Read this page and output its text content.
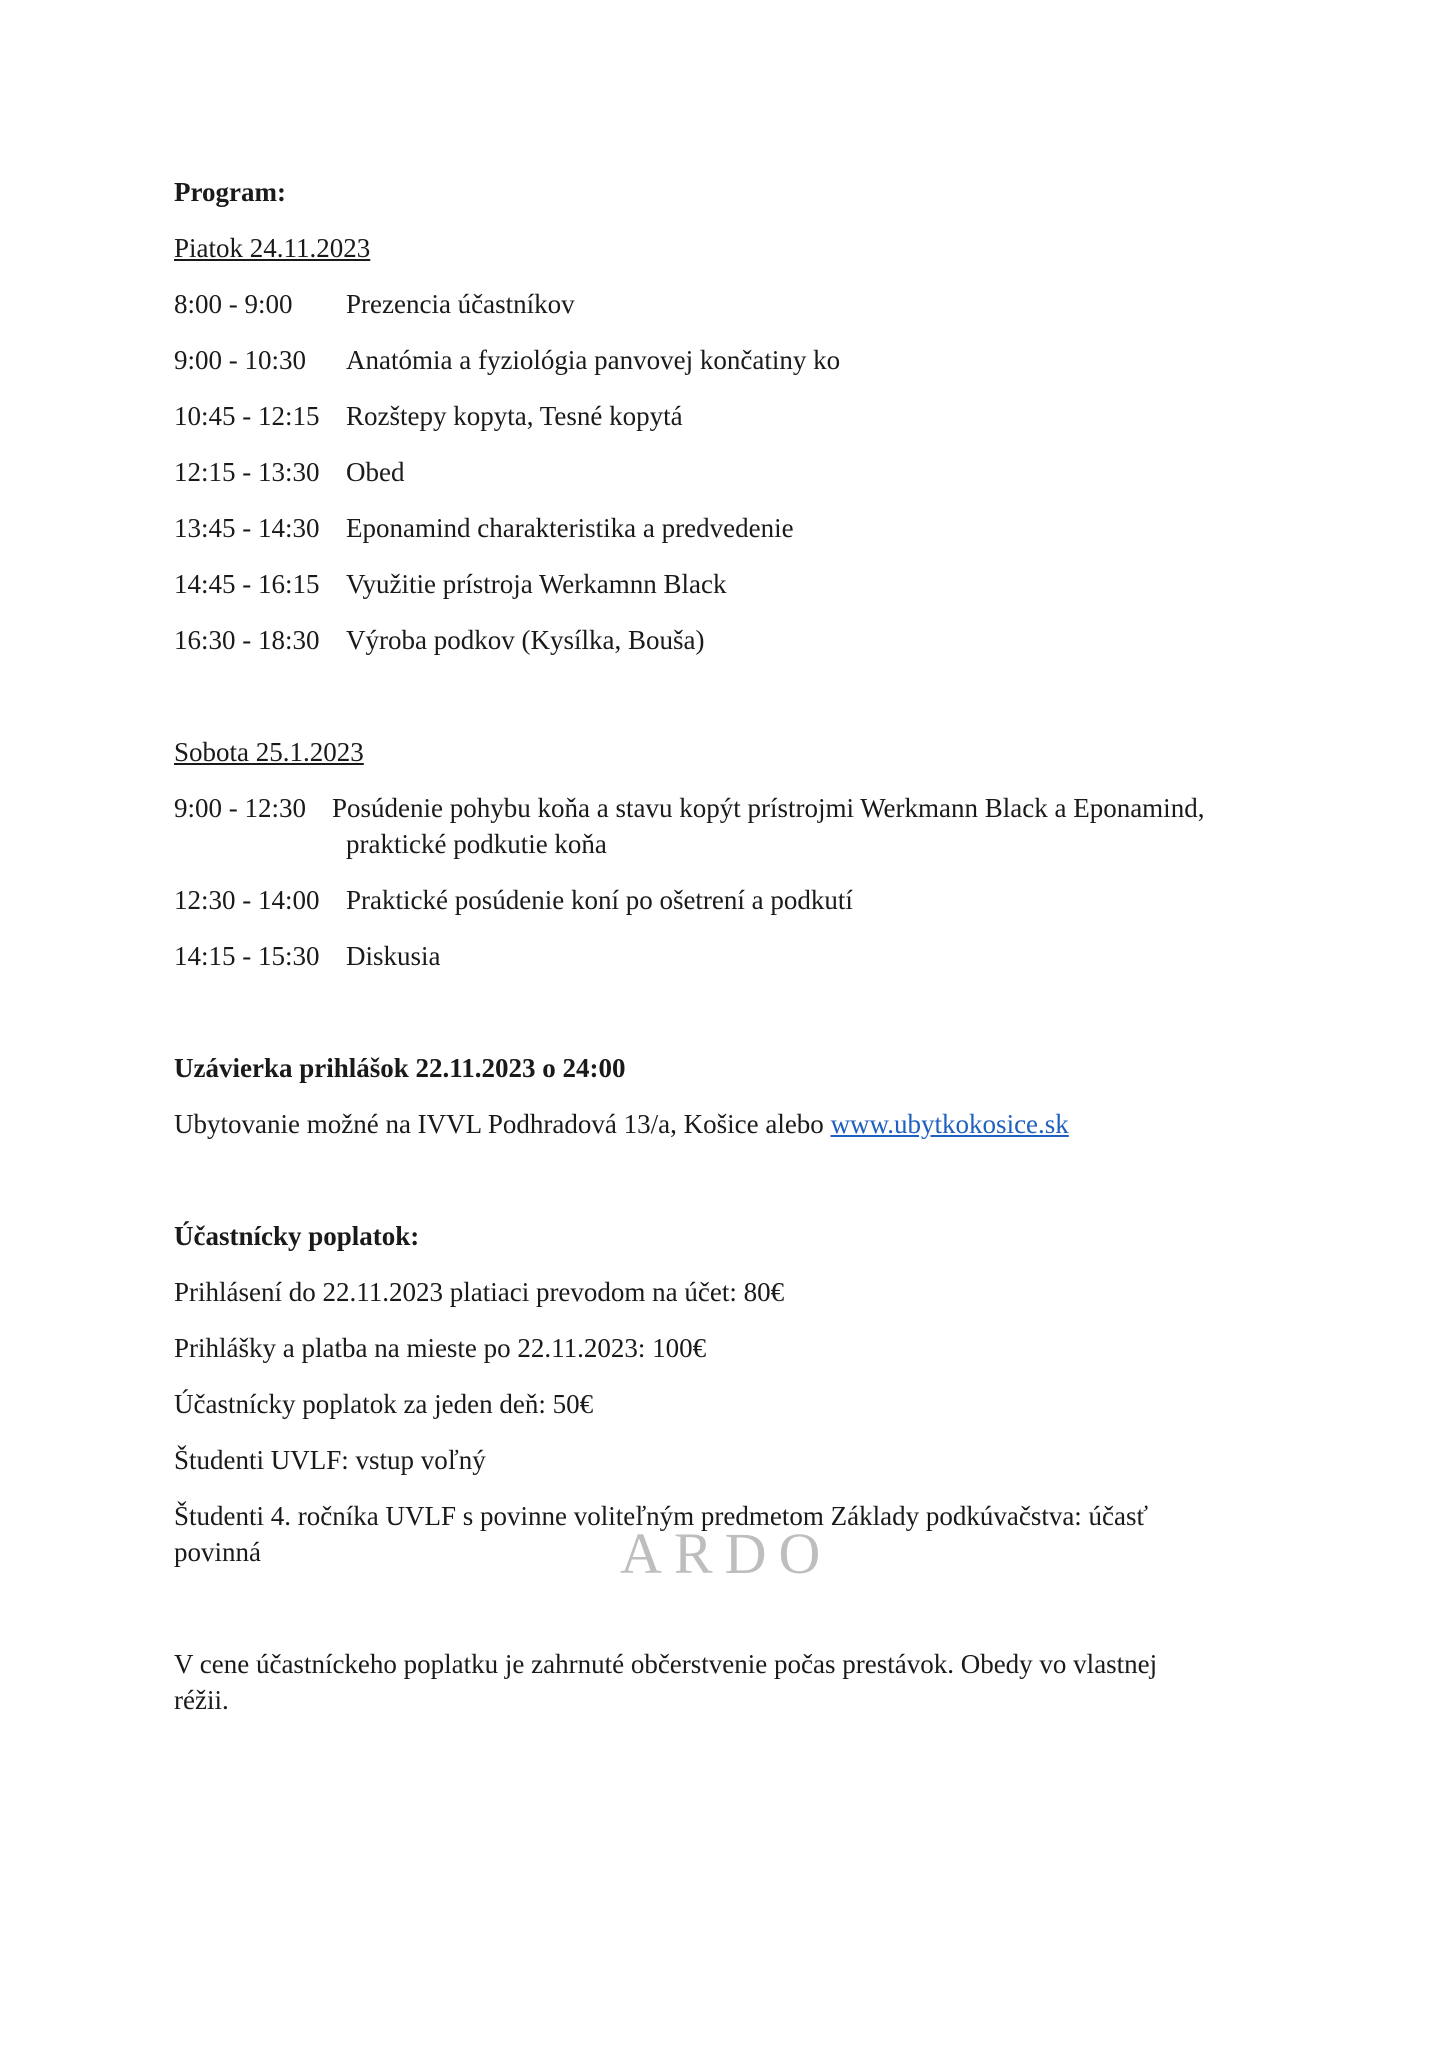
ARDO
Program:
Piatok 24.11.2023
8:00 - 9:00 Prezencia účastníkov
9:00 - 10:30 Anatómia a fyziológia panvovej končatiny ko
10:45 - 12:15 Rozštepy kopyta, Tesné kopytá
12:15 - 13:30 Obed
13:45 - 14:30 Eponamind charakteristika a predvedenie
14:45 - 16:15 Využitie prístroja Werkamnn Black
16:30 - 18:30 Výroba podkov (Kysílka, Bouša)
Sobota 25.1.2023
9:00 - 12:30 Posúdenie pohybu koňa a stavu kopýt prístrojmi Werkmann Black a Eponamind,
praktické podkutie koňa
12:30 - 14:00 Praktické posúdenie koní po ošetrení a podkutí
14:15 - 15:30 Diskusia
Uzávierka prihlášok 22.11.2023 o 24:00
Ubytovanie možné na IVVL Podhradová 13/a, Košice alebo www.ubytkokosice.sk
Účastnícky poplatok:
Prihlásení do 22.11.2023 platiaci prevodom na účet: 80€
Prihlášky a platba na mieste po 22.11.2023: 100€
Účastnícky poplatok za jeden deň: 50€
Študenti UVLF: vstup voľný
Študenti 4. ročníka UVLF s povinne voliteľným predmetom Základy podkúvačstva: účasť
povinná
V cene účastníckeho poplatku je zahrnuté občerstvenie počas prestávok. Obedy vo vlastnej
réžii.
